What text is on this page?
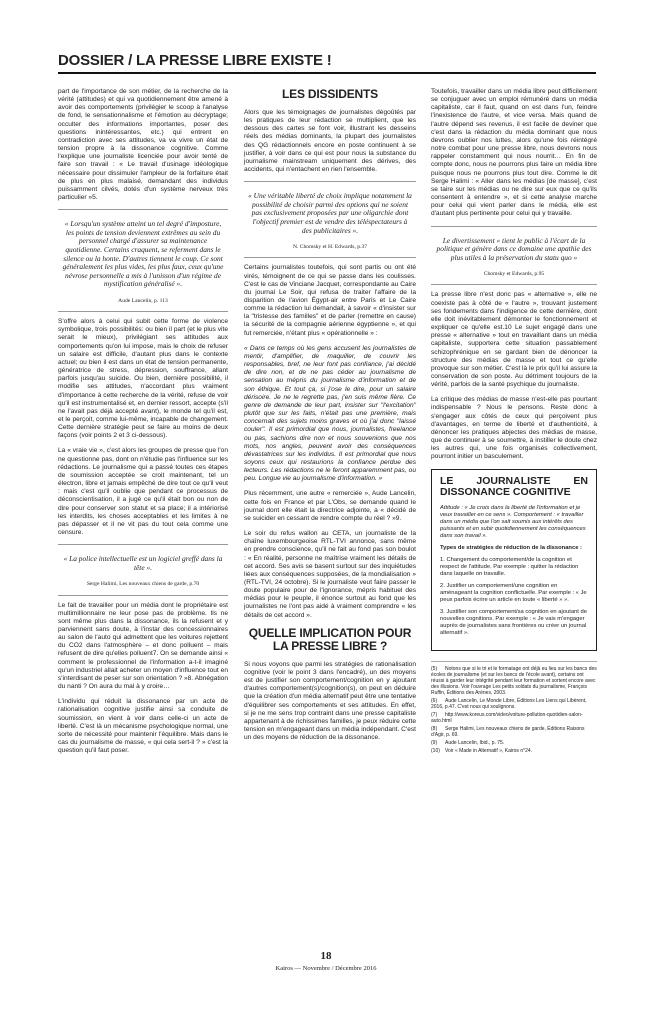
DOSSIER / LA PRESSE LIBRE EXISTE !

part de l'importance de son métier, de la recherche de la vérité (attitudes) et qui va quotidiennement être amené à avoir des comportements (privilégier le scoop à l'analyse de fond, le sensationnalisme et l'émotion au décryptage; occulter des informations importantes, poser des questions inintéressantes, etc.) qui entrent en contradiction avec ses attitudes, va va vivre un état de tension propre à la dissonance cognitive. Comme l'explique une journaliste licenciée pour avoir tenté de faire son travail : « Le travail d'usinage idéologique nécessaire pour dissimuler l'ampleur de la forfaiture était de plus en plus malaisé, demandant des individus puissamment cilvés, dotés d'un système nerveux très particulier »5.

« Lorsqu'un système atteint un tel degré d'imposture, les points de tension deviennent extrêmes au sein du personnel chargé d'assurer sa maintenance quotidienne. Certains craquent, se referment dans le silence ou la honte. D'autres tiennent le coup. Ce sont généralement les plus vides, les plus faux, ceux qu'une névrose personnelle a mis à l'unisson d'un régime de mystification généralisé ».
Aude Lancelin, p. 113

S'offre alors à celui qui subit cette forme de violence symbolique, trois possibilités: ou bien il part (et le plus vite serait le mieux), privilégiant ses attitudes aux comportements qu'on lui impose, mais le choix de refuser un salaire est difficile, d'autant plus dans le contexte actuel; ou bien il est dans un état de tension permanente, génératrice de stress, dépression, souffrance, allant parfois jusqu'au suicide. Ou bien, dernière possibilité, il modifie ses attitudes, n'accordant plus vraiment d'importance à cette recherche de la vérité, refuse de voir qu'il est instrumentalisé et, en dernier ressort, accepte (s'il ne l'avait pas déjà accepté avant), le monde tel qu'il est, et le perçoit, comme lui-même, incapable de changement. Cette dernière stratégie peut se faire au moins de deux façons (voir points 2 et 3 ci-dessous).

La « vraie vie », c'est alors les groupes de presse que l'on ne questionne pas, dont on n'étudie pas l'influence sur les rédactions. Le journalisme qui a passé toutes ces étapes de soumission acceptée se croit maintenant, tel un électron, libre et jamais empêché de dire tout ce qu'il veut : mais c'est qu'il oublie que pendant ce processus de déconscientisation, il a jugé ce qu'il était bon ou non de dire pour conserver son statut et sa place; il a intériorisé les interdits, les choses acceptables et les limites à ne pas dépasser et il ne vit pas du tout cela comme une censure.

« La police intellectuelle est un logiciel greffé dans la tête ».
Serge Halimi, Les nouveaux chiens de garde, p.70

Le fait de travailler pour un média dont le propriétaire est multimillionnaire ne leur pose pas de problème. Ils ne sont même plus dans la dissonance, ils la refusent et y parviennent sans doute, à l'instar des concessionnaires au salon de l'auto qui admettent que les voitures rejettent du CO2 dans l'atmosphère – et donc polluent – mais refusent de dire qu'elles polluent7. On se demande ainsi « comment le professionnel de l'information a-t-il imaginé qu'un industriel allait acheter un moyen d'influence tout en s'interdisant de peser sur son orientation ? »8. Abnégation du nanti ? On aura du mal à y croire…

L'individu qui réduit la dissonance par un acte de rationalisation cognitive justifie ainsi sa conduite de soumission, en vient à voir dans celle-ci un acte de liberté. C'est là un mécanisme psychologique normal, une sorte de nécessité pour maintenir l'équilibre. Mais dans le cas du journalisme de masse, « qui cela sert-il ? » c'est la question qu'il faut poser.

LES DISSIDENTS

Alors que les témoignages de journalistes dégoûtés par les pratiques de leur rédaction se multiplient, que les dessous des cartes se font voir, illustrant les desseins réels des médias dominants, la plupart des journalistes des QG rédactionnels encore en poste continuent à se justifier, à voir dans ce qui est pour nous la substance du journalisme mainstream uniquement des dérives, des accidents, qui n'entachent en rien l'ensemble.

« Une véritable liberté de choix implique notamment la possibilité de choisir parmi des options qui ne soient pas exclusivement proposées par une oligarchie dont l'objectif premier est de vendre des téléspectateurs à des publicitaires ».
N. Chomsky et H. Edwards, p.37

Certains journalistes toutefois, qui sont partis ou ont été virés, témoignent de ce qui se passe dans les coulisses. C'est le cas de Vinciane Jacquet, correspondante au Caire du journal Le Soir, qui refusa de traiter l'affaire de la disparition de l'avion Égypt-air entre Paris et Le Caire comme la rédaction lui demandait, à savoir « d'insister sur la "tristesse des familles" et de parler (remettre en cause) la sécurité de la compagnie aérienne égyptienne », et qui fut remerciée, n'étant plus « opérationnelle » :

« Dans ce temps où les gens accusent les journalistes de mentir, d'amplifier, de maquiller, de couvrir les responsables, bref, ne leur font pas confiance, j'ai décidé de dire non, et de ne pas céder au journalisme de sensation au mépris du journalisme d'information et de son éthique. Et tout ça, si j'ose le dire, pour un salaire dérisoire. Je ne le regrette pas, j'en suis même fière. Ce genre de demande de leur part, insister sur "l'excitation" plutôt que sur les faits, n'était pas une première, mais concernait des sujets moins graves et où j'ai donc "laissé couler". Il est primordial que nous, journalistes, freelance ou pas, sachions dire non et nous souvenions que nos mots, nos angles, peuvent avoir des conséquences dévastatrices sur les individus. Il est primordial que nous soyons ceux qui restaurions la confiance perdue des lecteurs. Les rédactions ne le feront apparemment pas, ou peu. Longue vie au journalisme d'information. »

Plus récemment, une autre « remerciée », Aude Lancelin, cette fois en France et par L'Obs, se demande quand le journal dont elle était la directrice adjointe, a « décidé de se suicider en cessant de rendre compte du réel ? »9.

Le soir du refus wallon au CETA, un journaliste de la chaîne luxembourgeoise RTL-TVI annonce, sans même en prendre conscience, qu'il ne fait au fond pas son boulot : « En réalité, personne ne maîtrise vraiment les détails de cet accord. Ses avis se basent surtout sur des inquiétudes liées aux conséquences supposées, de la mondialisation » (RTL-TVI, 24 octobre). Si le journaliste veut faire passer le doute populaire pour de l'ignorance, mépris habituel des médias pour le peuple, il énonce surtout au fond que les journalistes ne l'ont pas aidé à vraiment comprendre « les détails de cet accord ».

QUELLE IMPLICATION POUR LA PRESSE LIBRE ?

Si nous voyons que parmi les stratégies de rationalisation cognitive (voir le point 3 dans l'encadré), un des moyens est de justifier son comportement/cognition en y ajoutant d'autres comportement(s)/cognition(s), on peut en déduire que la création d'un média alternatif peut être une tentative d'équilibrer ses comportements et ses attitudes. En effet, si je ne me sens trop contraint dans une presse capitaliste appartenant à de richissimes familles, je peux réduire cette tension en m'engageant dans un média indépendant. C'est un des moyens de réduction de la dissonance.

Toutefois, travailler dans un média libre peut difficilement se conjuguer avec un emploi rémunéré dans un média capitaliste, car il faut, quand on est dans l'un, feindre l'inexistence de l'autre, et vice versa. Mais quand de l'autre dépend ses revenus, il est facile de deviner que c'est dans la rédaction du média dominant que nous devrons oublier nos luttes, alors qu'une fois réintégré notre combat pour une presse libre, nous devrons nous rappeler constamment qui nous nourrit… En fin de compte donc, nous ne pourrons plus faire un média libre puisque nous ne pourrons plus tout dire. Comme le dit Serge Halimi : « Aller dans les médias [de masse], c'est se taire sur les médias ou ne dire sur eux que ce qu'ils consentent à entendre », et si cette analyse marche pour celui qui vient parler dans le média, elle est d'autant plus pertinente pour celui qui y travaille.

Le divertissement « tient le public à l'écart de la politique et génère dans ce domaine une apathie des plus utiles à la préservation du statu quo »
Chomsky et Edwards, p.95

La presse libre n'est donc pas « alternative », elle ne coexiste pas à côté de « l'autre », trouvant justement ses fondements dans l'indigence de cette dernière, dont elle doit inévitablement démonter le fonctionnement et expliquer ce qu'elle est.10 Le sujet engagé dans une presse « alternative » tout en travaillant dans un média capitaliste, supportera cette situation passablement schizophrénique en se gardant bien de dénoncer la structure des médias de masse et tout ce qu'elle provoque sur son métier. C'est là le prix qu'il lui assure la conservation de son poste. Au détriment toujours de la vérité, parfois de la santé psychique du journaliste.

La critique des médias de masse n'est-elle pas pourtant indispensable ? Nous le pensons. Reste donc à s'engager aux côtés de ceux qui perçoivent plus d'avantages, en terme de liberté et d'authenticité, à dénoncer les pratiques abjectes des médias de masse, que de continuer à se soumettre, à instiller le doute chez les autres qui, une fois organisés collectivement, pourront initier un basculement.

LE JOURNALISTE EN DISSONANCE COGNITIVE

Attitude : « Je crois dans la liberté de l'information et je veux travailler en ce sens ». Comportement : « travailler dans un média que l'on sait soumis aux intérêts des puissants et en subir quotidiennement les conséquences dans son travail ».

Types de stratégies de réduction de la dissonance :

1. Changement du comportement/de la cognition et respect de l'attitude. Par exemple : quitter la rédaction dans laquelle on travaille.

2. Justifier un comportement/une cognition en aménageant la cognition conflictuelle. Par exemple : « Je peux parfois écrire un article en toute « liberté » ».

3. Justifier son comportement/sa cognition en ajoutant de nouvelles cognitions. Par exemple : « Je vais m'engager auprès de journalistes sans frontières ou créer un journal alternatif ».

(5) Notons que si le tri et le formatage ont déjà eu lieu sur les bancs des écoles de journalisme (et sur les bancs de l'école avant), certains ont réussi à garder leur intégrité pendant leur formation et sortent encore avec des illusions. Voir l'ouvrage Les petits soldats du journalisme, François Ruffin, Éditions des Arènes, 2003.
(6) Aude Lancelin, Le Monde Libre, Éditions Les Liens qui Libèrent, 2016, p.47. C'est nous qui soulignons.
(7) http://www.koreus.com/video/voiture-pollution-quotidien-salon-auto.html
(8) Serge Halimi, Les nouveaux chiens de garde, Éditions Raisons d'Agir, p. 69.
(9) Aude Lancelin, Ibid., p. 75.
(10) Voir « Made in Alternatif », Kairos n°24.
18
Kairos — Novembre / Décembre 2016
